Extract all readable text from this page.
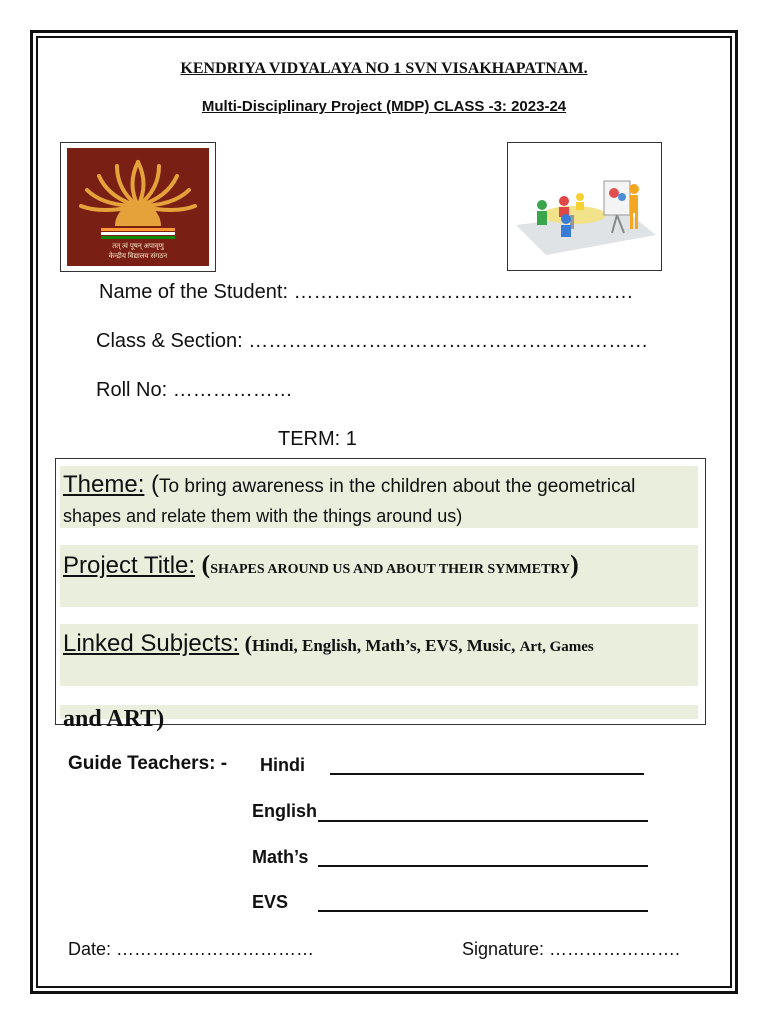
KENDRIYA VIDYALAYA NO 1 SVN VISAKHAPATNAM.
Multi-Disciplinary Project (MDP) CLASS -3: 2023-24
तत् त्वं पूषन् अपावृणु
केन्द्रीय विद्यालय संगठन
Name of the Student: ……………………………………………
Class & Section: ……………………………………………………
Roll No: ………………
TERM: 1
Theme: (To bring awareness in the children about the geometrical
shapes and relate them with the things around us)
Project Title: (SHAPES AROUND US AND ABOUT THEIR SYMMETRY)
Linked Subjects: (Hindi, English, Math’s, EVS, Music, Art, Games
and ART)
Guide Teachers: - Hindi
English
Math’s
EVS
Date: ……………………………	Signature: ………………….
